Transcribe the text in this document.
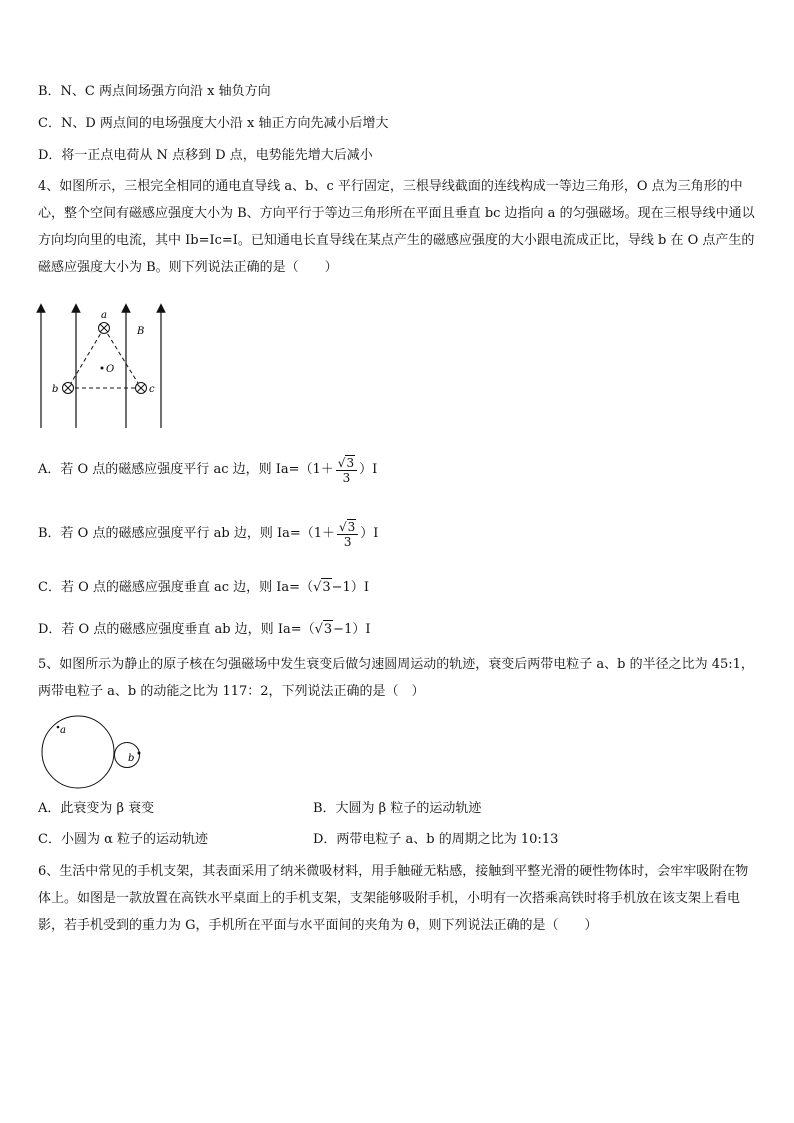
B．N、C 两点间场强方向沿 x 轴负方向
C．N、D 两点间的电场强度大小沿 x 轴正方向先减小后增大
D．将一正点电荷从 N 点移到 D 点，电势能先增大后减小
4、如图所示，三根完全相同的通电直导线 a、b、c 平行固定，三根导线截面的连线构成一等边三角形，O 点为三角形的中心，整个空间有磁感应强度大小为 B、方向平行于等边三角形所在平面且垂直 bc 边指向 a 的匀强磁场。现在三根导线中通以方向均向里的电流，其中 Ib=Ic=I。已知通电长直导线在某点产生的磁感应强度的大小跟电流成正比，导线 b 在 O 点产生的磁感应强度大小为 B。则下列说法正确的是（　　）
a
b	c
O
B
A．若 O 点的磁感应强度平行 ac 边，则 $Ia=(1+ \frac{√ 3}{3} )I$
B．若 O 点的磁感应强度平行 ab 边，则 $Ia=(1+ \frac{√ 3}{3} )I$
C．若 O 点的磁感应强度垂直 ac 边，则 Ia=（ √ 3 −1）I
D．若 O 点的磁感应强度垂直 ab 边，则 Ia=（ √ 3 −1）I
5、如图所示为静止的原子核在匀强磁场中发生衰变后做匀速圆周运动的轨迹，衰变后两带电粒子 a、b 的半径之比为 45:1，两带电粒子 a、b 的动能之比为 117：2，下列说法正确的是（　）
a
b
A．此衰变为 β 衰变	B．大圆为 β 粒子的运动轨迹
C．小圆为 α 粒子的运动轨迹	D．两带电粒子 a、b 的周期之比为 10:13
6、生活中常见的手机支架，其表面采用了纳米微吸材料，用手触碰无粘感，接触到平整光滑的硬性物体时，会牢牢吸附在物体上。如图是一款放置在高铁水平桌面上的手机支架，支架能够吸附手机，小明有一次搭乘高铁时将手机放在该支架上看电影，若手机受到的重力为 G，手机所在平面与水平面间的夹角为 θ，则下列说法正确的是（　　）
